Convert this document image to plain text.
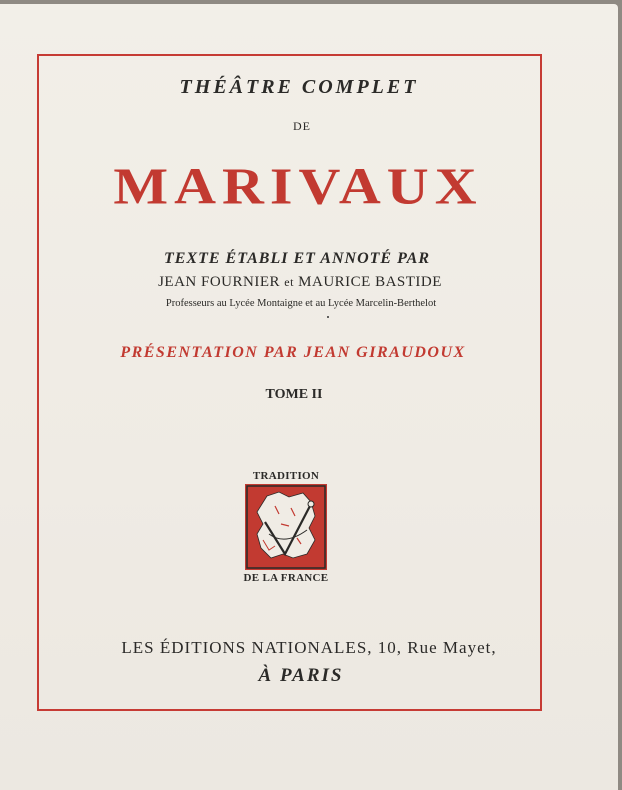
THÉÂTRE COMPLET
DE
MARIVAUX
TEXTE ÉTABLI ET ANNOTÉ PAR
JEAN FOURNIER et MAURICE BASTIDE
Professeurs au Lycée Montaigne et au Lycée Marcelin-Berthelot
PRÉSENTATION PAR JEAN GIRAUDOUX
TOME II
TRADITION
DE LA FRANCE
LES ÉDITIONS NATIONALES, 10, Rue Mayet,
À PARIS
